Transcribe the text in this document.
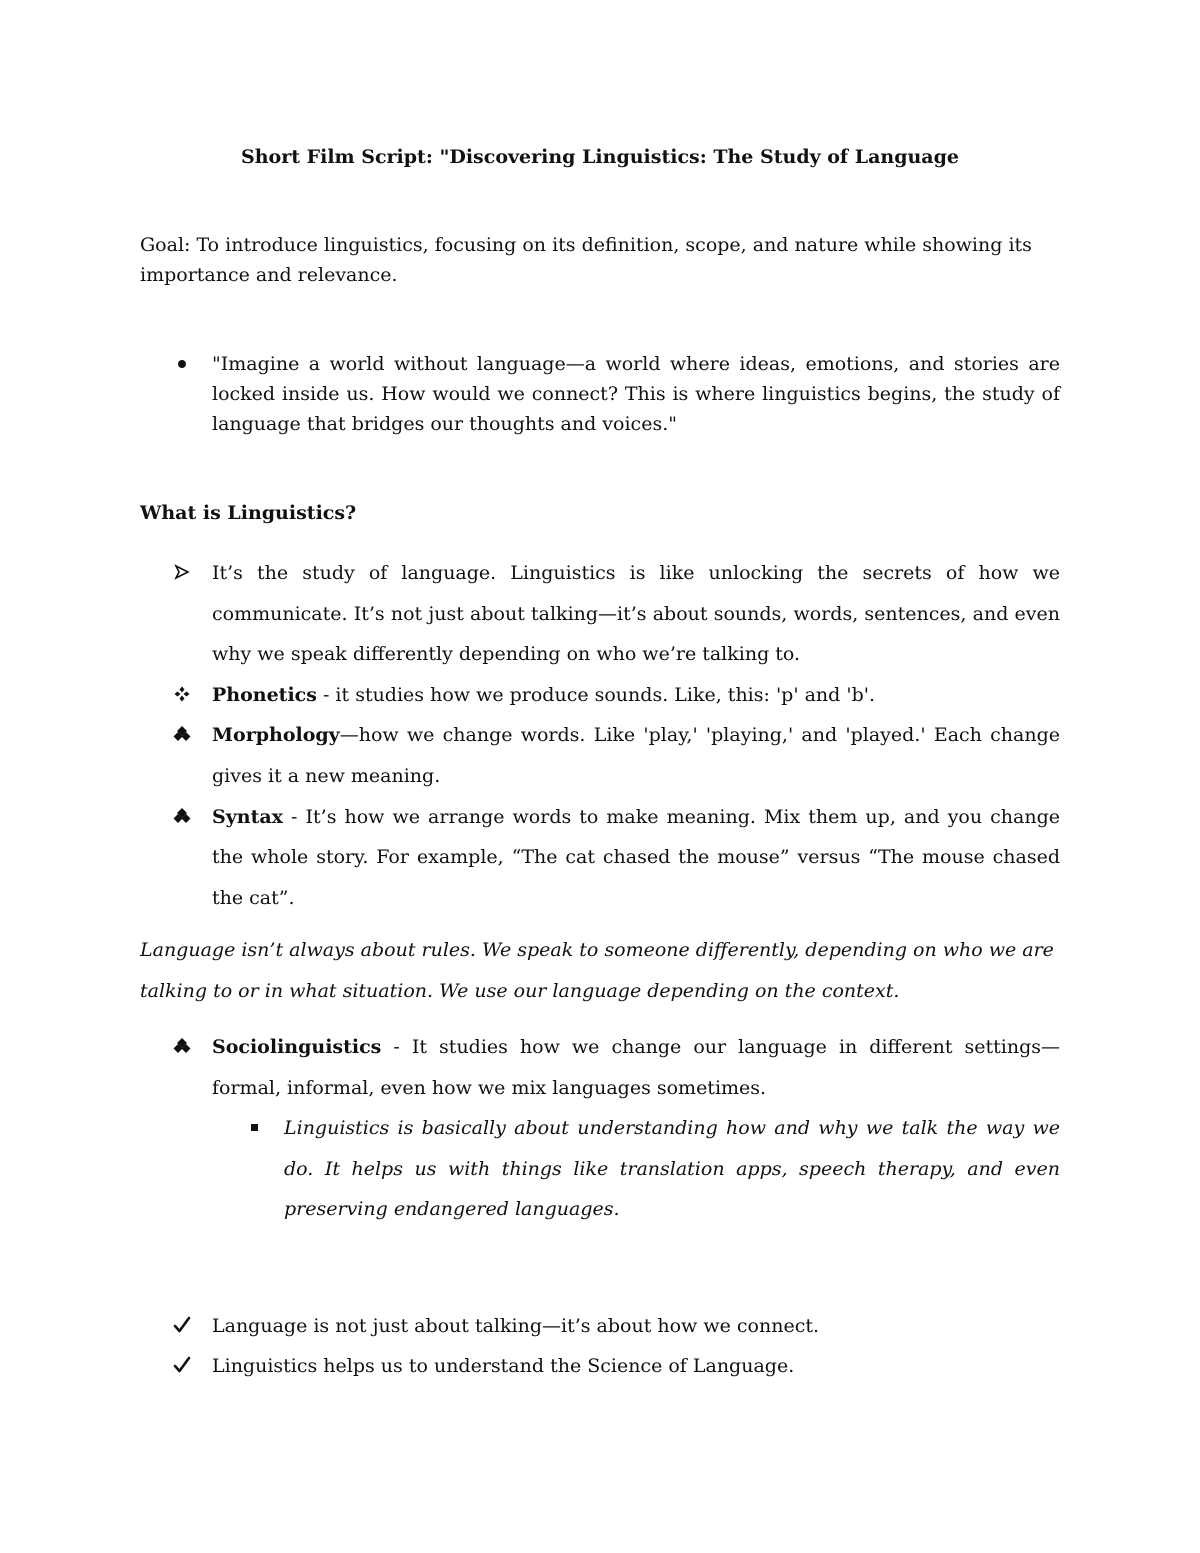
Short Film Script: "Discovering Linguistics: The Study of Language
Goal: To introduce linguistics, focusing on its definition, scope, and nature while showing its importance and relevance.
"Imagine a world without language—a world where ideas, emotions, and stories are locked inside us. How would we connect? This is where linguistics begins, the study of language that bridges our thoughts and voices."
What is Linguistics?
It’s the study of language. Linguistics is like unlocking the secrets of how we communicate. It’s not just about talking—it’s about sounds, words, sentences, and even why we speak differently depending on who we’re talking to.
Phonetics - it studies how we produce sounds. Like, this: 'p' and 'b'.
Morphology—how we change words. Like 'play,' 'playing,' and 'played.' Each change gives it a new meaning.
Syntax - It’s how we arrange words to make meaning. Mix them up, and you change the whole story. For example, “The cat chased the mouse” versus “The mouse chased the cat”.
Language isn’t always about rules. We speak to someone differently, depending on who we are talking to or in what situation. We use our language depending on the context.
Sociolinguistics - It studies how we change our language in different settings—formal, informal, even how we mix languages sometimes.
Linguistics is basically about understanding how and why we talk the way we do. It helps us with things like translation apps, speech therapy, and even preserving endangered languages.
Language is not just about talking—it’s about how we connect.
Linguistics helps us to understand the Science of Language.
